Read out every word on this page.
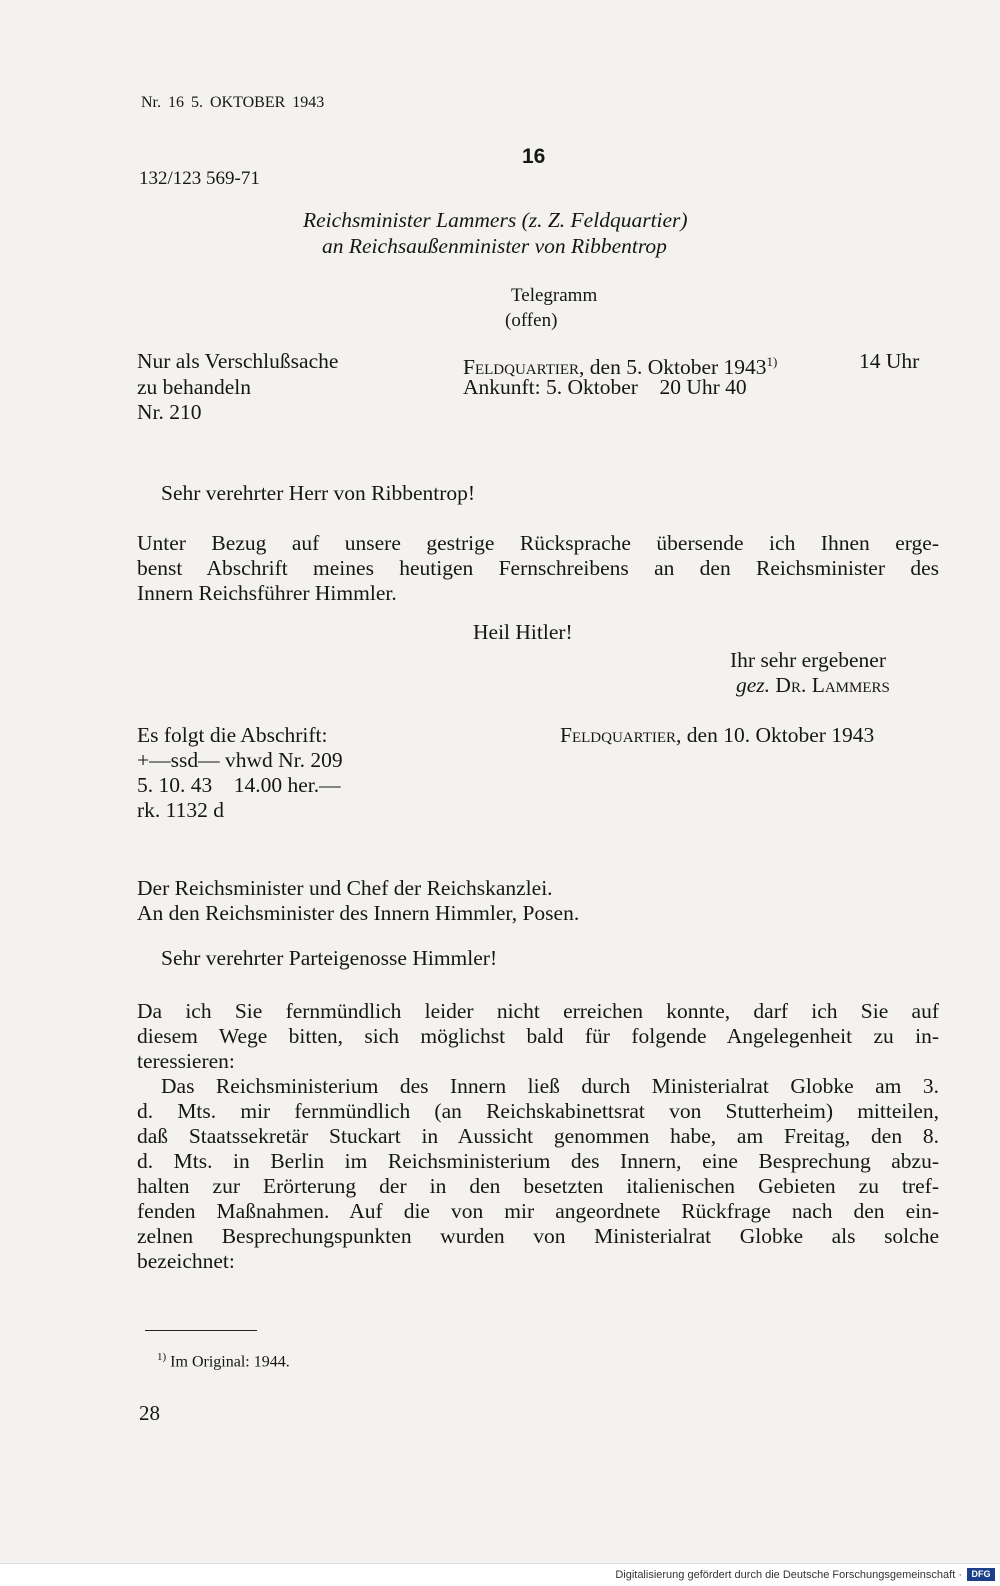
Nr. 16 5. OKTOBER 1943
16
132/123 569-71
Reichsminister Lammers (z. Z. Feldquartier)
an Reichsaußenminister von Ribbentrop
Telegramm
(offen)
Nur als Verschlußsache
zu behandeln
Nr. 210
Feldquartier, den 5. Oktober 1943$^{1)}$	14 Uhr
Ankunft: 5. Oktober    20 Uhr 40
Sehr verehrter Herr von Ribbentrop!
Unter Bezug auf unsere gestrige Rücksprache übersende ich Ihnen erge-
benst Abschrift meines heutigen Fernschreibens an den Reichsminister des
Innern Reichsführer Himmler.
Heil Hitler!
Ihr sehr ergebener
gez. Dr. Lammers
Es folgt die Abschrift:
+—ssd— vhwd Nr. 209
5. 10. 43    14.00 her.—
rk. 1132 d
Feldquartier, den 10. Oktober 1943
Der Reichsminister und Chef der Reichskanzlei.
An den Reichsminister des Innern Himmler, Posen.
Sehr verehrter Parteigenosse Himmler!
Da ich Sie fernmündlich leider nicht erreichen konnte, darf ich Sie auf
diesem Wege bitten, sich möglichst bald für folgende Angelegenheit zu in-
teressieren:
Das Reichsministerium des Innern ließ durch Ministerialrat Globke am 3.
d. Mts. mir fernmündlich (an Reichskabinettsrat von Stutterheim) mitteilen,
daß Staatssekretär Stuckart in Aussicht genommen habe, am Freitag, den 8.
d. Mts. in Berlin im Reichsministerium des Innern, eine Besprechung abzu-
halten zur Erörterung der in den besetzten italienischen Gebieten zu tref-
fenden Maßnahmen. Auf die von mir angeordnete Rückfrage nach den ein-
zelnen Besprechungspunkten wurden von Ministerialrat Globke als solche
bezeichnet:
$^{1)}$ Im Original: 1944.
28
Digitalisierung gefördert durch die Deutsche Forschungsgemeinschaft ·	DFG
